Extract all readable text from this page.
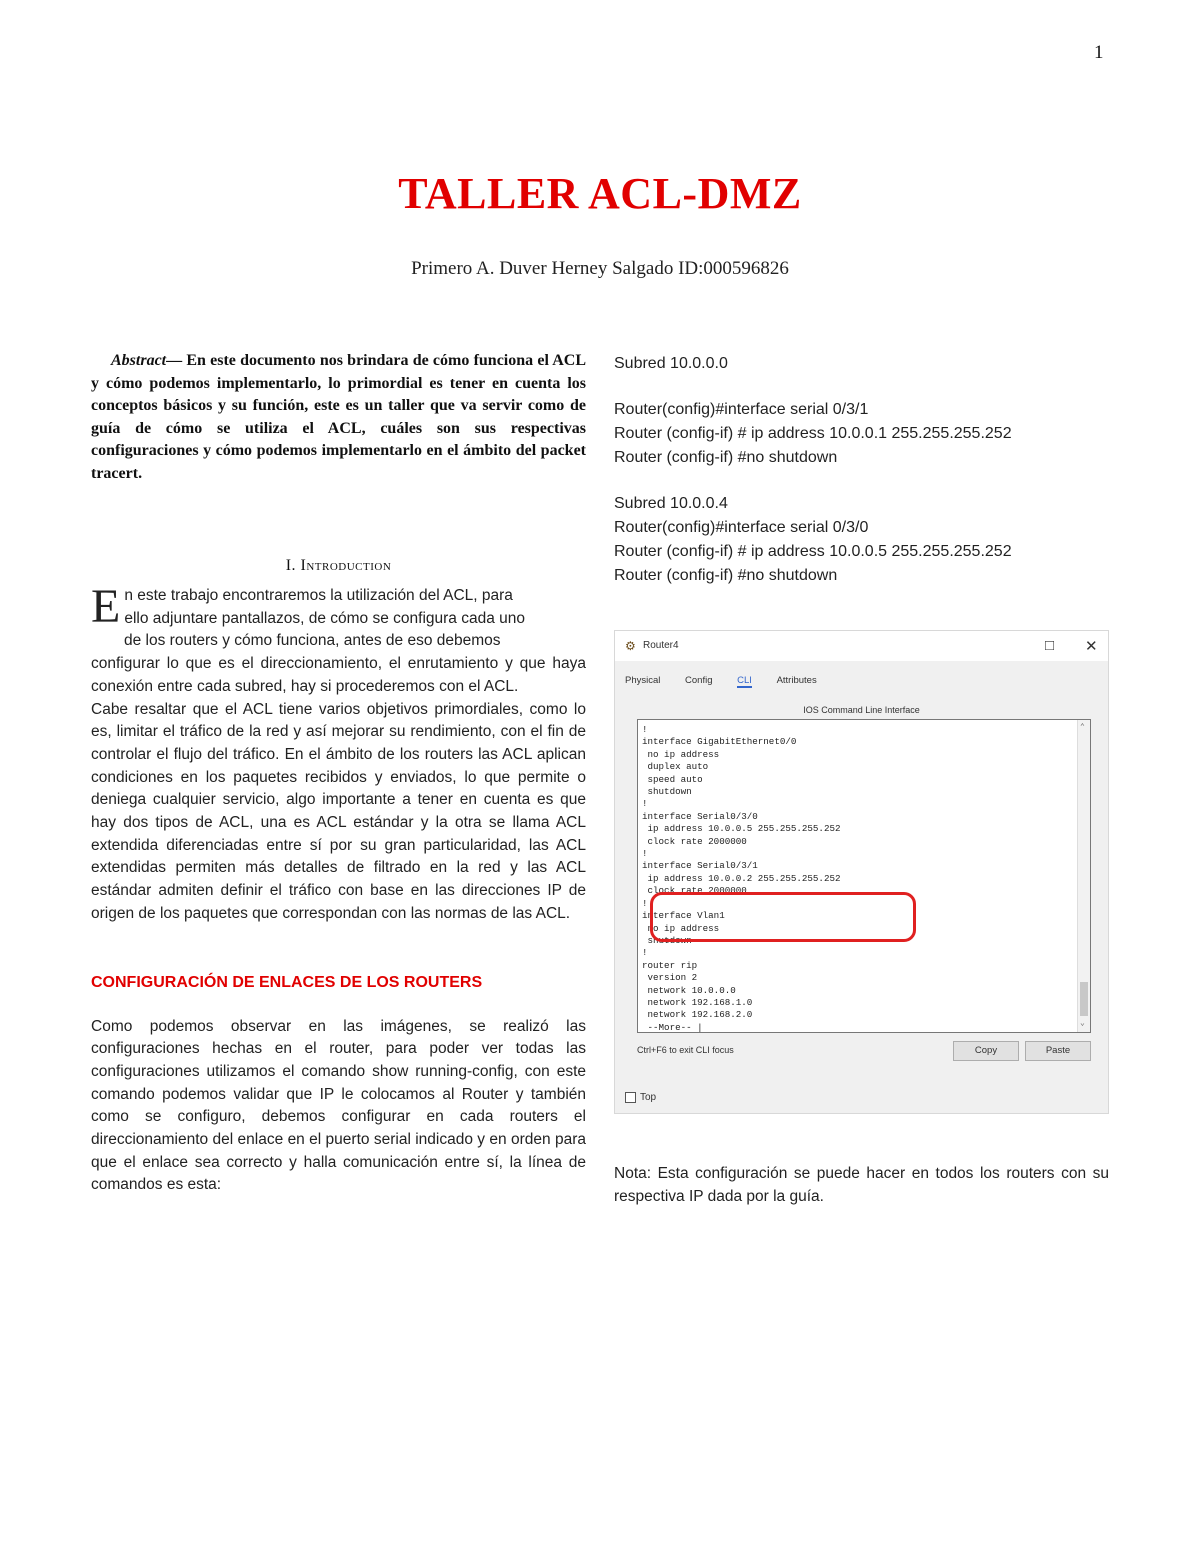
1
TALLER ACL-DMZ
Primero A. Duver Herney Salgado ID:000596826

Abstract— En este documento nos brindara de cómo funciona el ACL y cómo podemos implementarlo, lo primordial es tener en cuenta los conceptos básicos y su función, este es un taller que va servir como de guía de cómo se utiliza el ACL, cuáles son sus respectivas configuraciones y cómo podemos implementarlo en el ámbito del packet tracert.

I. Introduction

E n este trabajo encontraremos la utilización del ACL, para
ello adjuntare pantallazos, de cómo se configura cada uno
de los routers y cómo funciona, antes de eso debemos

configurar lo que es el direccionamiento, el enrutamiento y que haya conexión entre cada subred, hay si procederemos con el ACL.

Cabe resaltar que el ACL tiene varios objetivos primordiales, como lo es, limitar el tráfico de la red y así mejorar su rendimiento, con el fin de controlar el flujo del tráfico. En el ámbito de los routers las ACL aplican condiciones en los paquetes recibidos y enviados, lo que permite o deniega cualquier servicio, algo importante a tener en cuenta es que hay dos tipos de ACL, una es ACL estándar y la otra se llama ACL extendida diferenciadas entre sí por su gran particularidad, las ACL extendidas permiten más detalles de filtrado en la red y las ACL estándar admiten definir el tráfico con base en las direcciones IP de origen de los paquetes que correspondan con las normas de las ACL.

CONFIGURACIÓN DE ENLACES DE LOS ROUTERS
Como podemos observar en las imágenes, se realizó las configuraciones hechas en el router, para poder ver todas las configuraciones utilizamos el comando show running-config, con este comando podemos validar que IP le colocamos al Router y también como se configuro, debemos configurar en cada routers el direccionamiento del enlace en el puerto serial indicado y en orden para que el enlace sea correcto y halla comunicación entre sí, la línea de comandos es esta:
Subred 10.0.0.0
Router(config)#interface serial 0/3/1
Router (config-if) # ip address 10.0.0.1 255.255.255.252
Router (config-if) #no shutdown
Subred 10.0.0.4
Router(config)#interface serial 0/3/0
Router (config-if) # ip address 10.0.0.5 255.255.255.252
Router (config-if) #no shutdown
⚙ Router4	□ ✕
Physical	Config	CLI	Attributes
IOS Command Line Interface
!
interface GigabitEthernet0/0
no ip address
duplex auto
speed auto
shutdown
!
interface Serial0/3/0
ip address 10.0.0.5 255.255.255.252
clock rate 2000000
!
interface Serial0/3/1
ip address 10.0.0.2 255.255.255.252
clock rate 2000000
!
interface Vlan1
no ip address
shutdown
!
router rip
version 2
network 10.0.0.0
network 192.168.1.0
network 192.168.2.0
--More-- |
⌃
⌄
Ctrl+F6 to exit CLI focus	Copy	Paste
Top
Nota: Esta configuración se puede hacer en todos los routers con su respectiva IP dada por la guía.
